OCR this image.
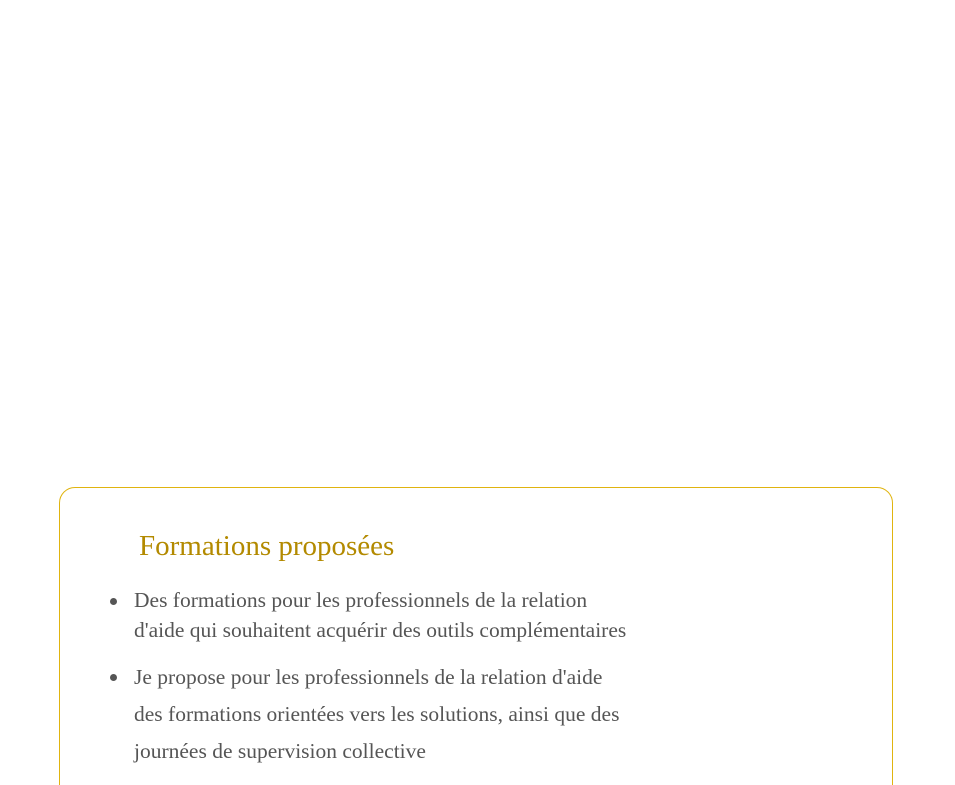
Formations proposées
Des formations pour les professionnels de la relation d'aide qui souhaitent acquérir des outils complémentaires
Je propose pour les professionnels de la relation d'aide des formations orientées vers les solutions, ainsi que des journées de supervision collective
